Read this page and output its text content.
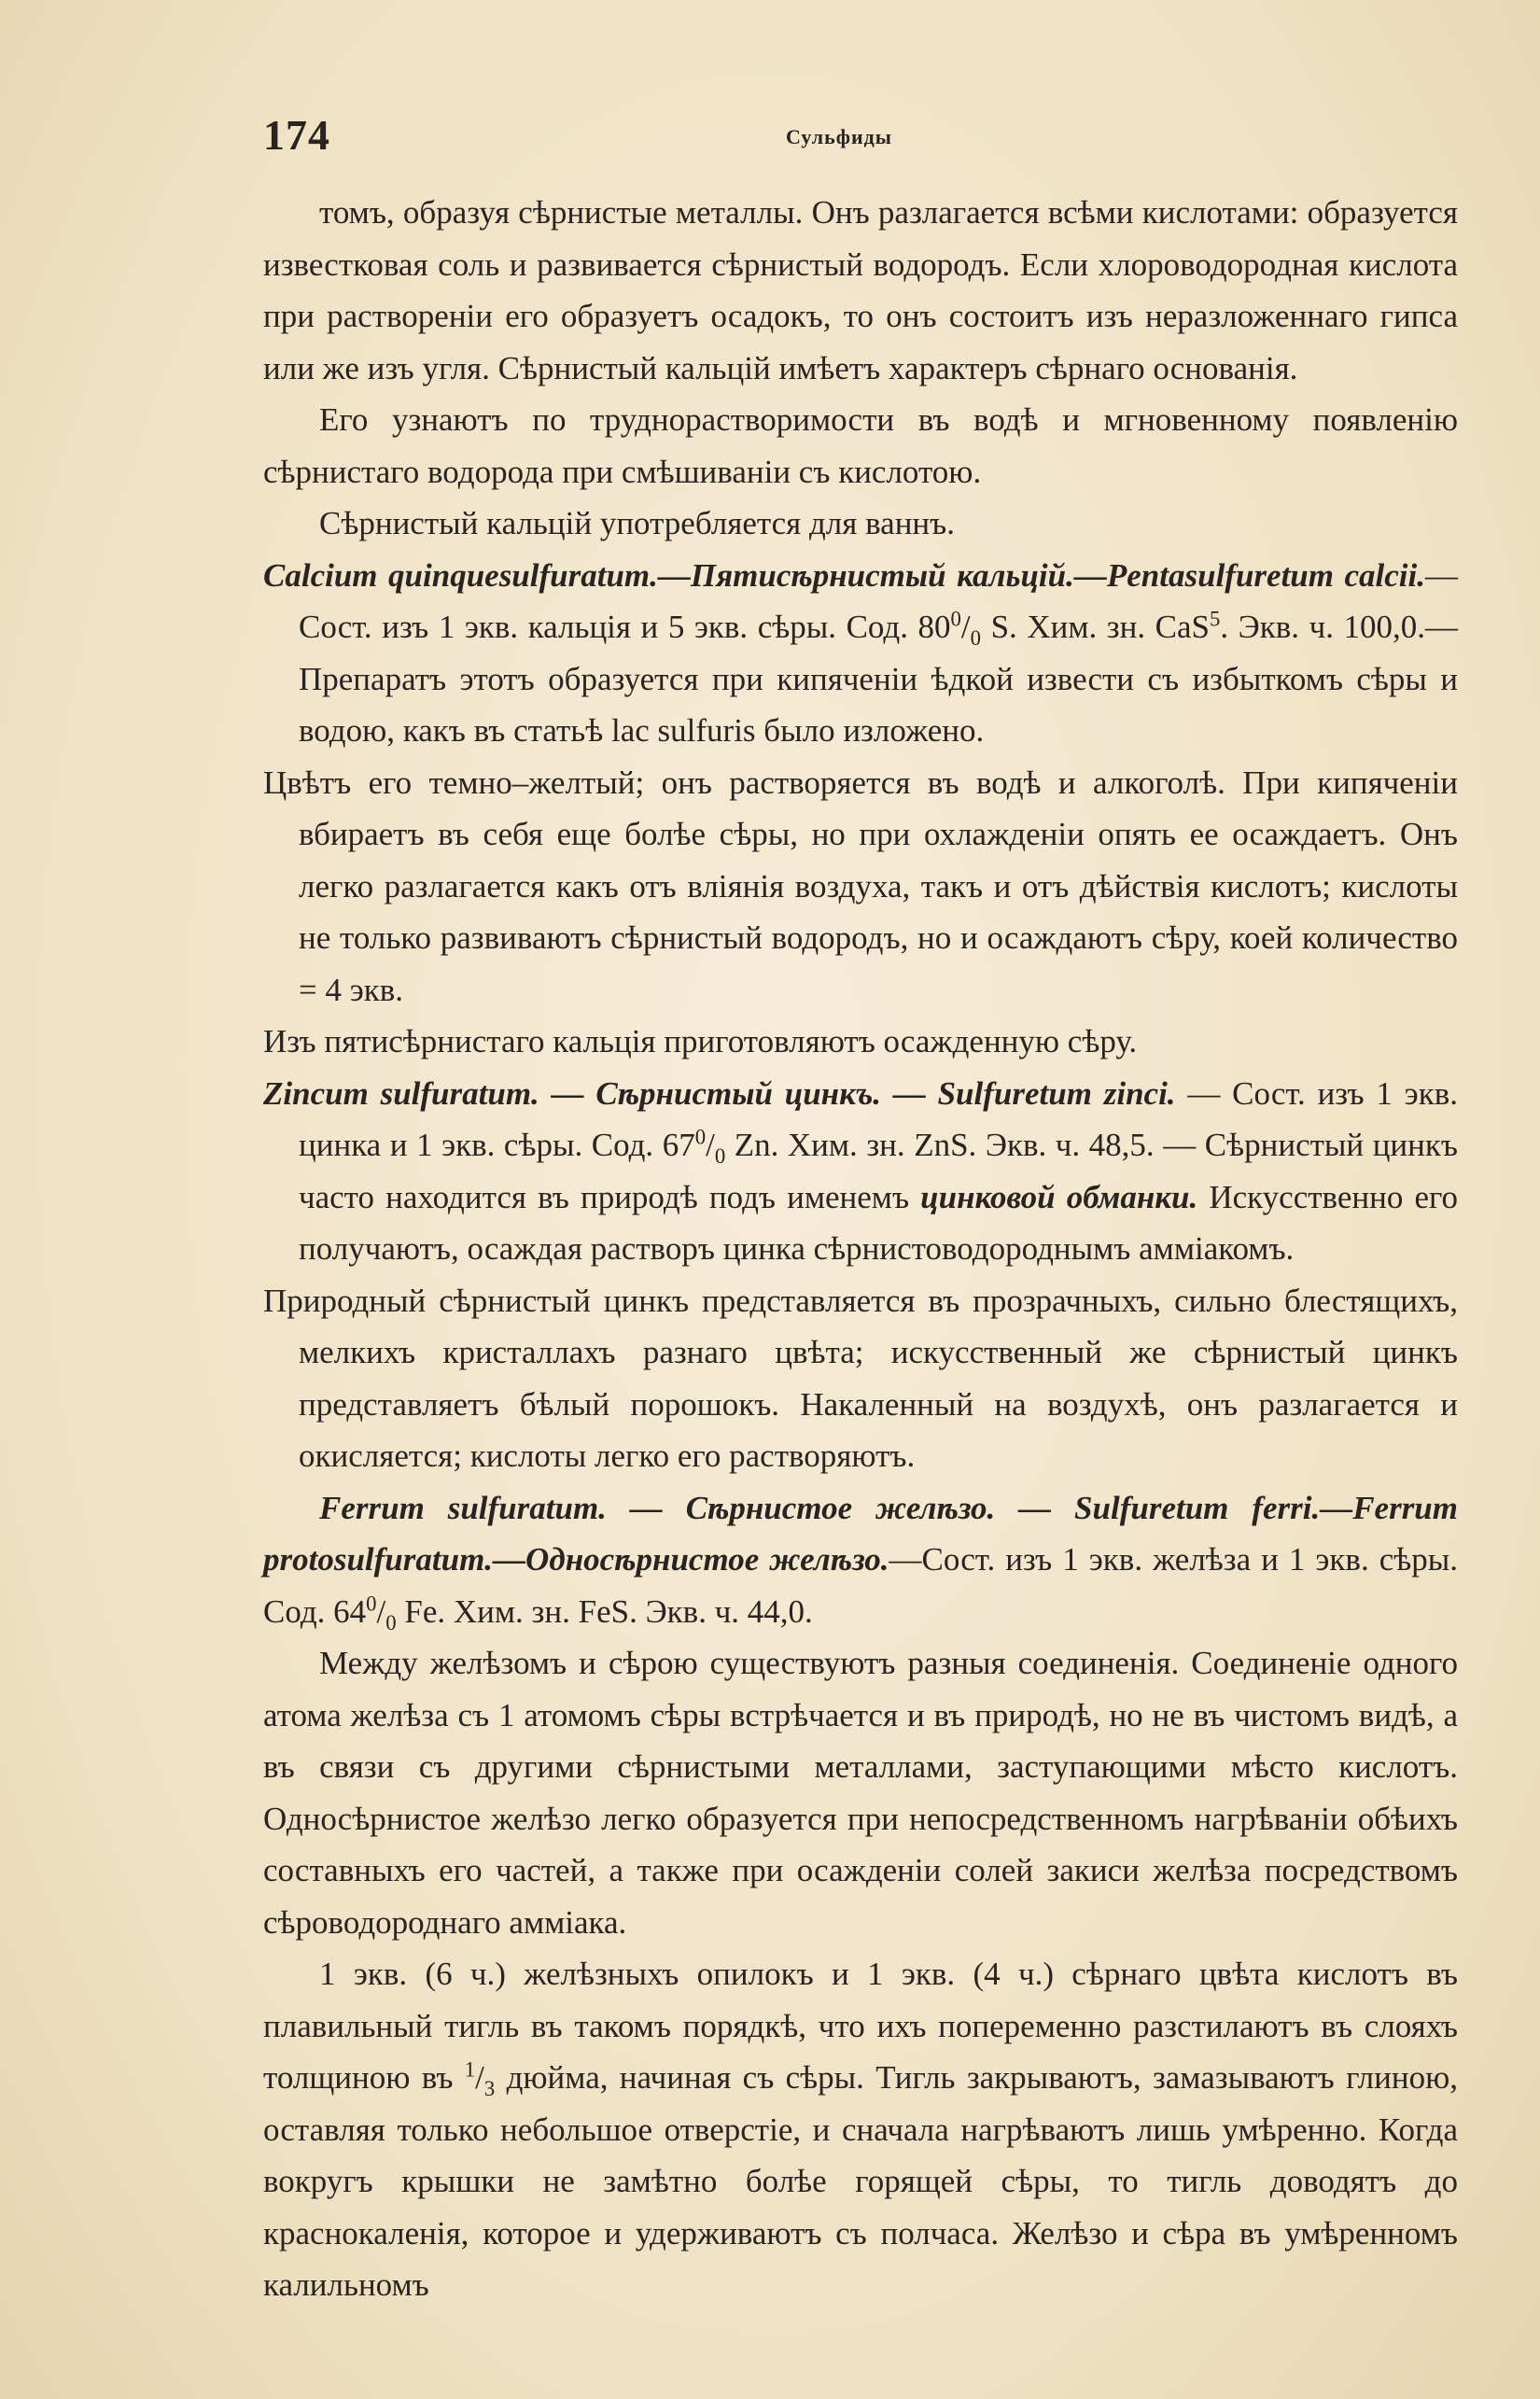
174	Сульфиды

томъ, образуя сѣрнистые металлы. Онъ разлагается всѣми кислотами: образуется известковая соль и развивается сѣрнистый водородъ. Если хлороводородная кислота при растворенiи его образуетъ осадокъ, то онъ состоитъ изъ неразложеннаго гипса или же изъ угля. Сѣрнистый кальцiй имѣетъ характеръ сѣрнаго основанiя.

Его узнаютъ по труднорастворимости въ водѣ и мгновенному появленiю сѣрнистаго водорода при смѣшиванiи съ кислотою.

Сѣрнистый кальцiй употребляется для ваннъ.

Calcium quinquesulfuratum.—Пятисѣрнистый кальцiй.—Pentasulfuretum calcii.—Сост. изъ 1 экв. кальцiя и 5 экв. сѣры. Сод. $80^0/_0$ S. Хим. зн. CaS$^5$. Экв. ч. 100,0.—Препаратъ этотъ образуется при кипяченiи ѣдкой извести съ избыткомъ сѣры и водою, какъ въ статьѣ lac sulfuris было изложено.

Цвѣтъ его темно–желтый; онъ растворяется въ водѣ и алкоголѣ. При кипяченiи вбираетъ въ себя еще болѣе сѣры, но при охлажденiи опять ее осаждаетъ. Онъ легко разлагается какъ отъ влiянiя воздуха, такъ и отъ дѣйствiя кислотъ; кислоты не только развиваютъ сѣрнистый водородъ, но и осаждаютъ сѣру, коей количество = 4 экв.

Изъ пятисѣрнистаго кальцiя приготовляютъ осажденную сѣру.

Zincum sulfuratum. — Сѣрнистый цинкъ. — Sulfuretum zinci. — Сост. изъ 1 экв. цинка и 1 экв. сѣры. Сод. $67^0/_0$ Zn. Хим. зн. ZnS. Экв. ч. 48,5. — Сѣрнистый цинкъ часто находится въ природѣ подъ именемъ цинковой обманки. Искусственно его получаютъ, осаждая растворъ цинка сѣрнистоводороднымъ амміакомъ.

Природный сѣрнистый цинкъ представляется въ прозрачныхъ, сильно блестящихъ, мелкихъ кристаллахъ разнаго цвѣта; искусственный же сѣрнистый цинкъ представляетъ бѣлый порошокъ. Накаленный на воздухѣ, онъ разлагается и окисляется; кислоты легко его растворяютъ.

Ferrum sulfuratum. — Сѣрнистое желѣзо. — Sulfuretum ferri.—Ferrum protosulfuratum.—Односѣрнистое желѣзо.—Сост. изъ 1 экв. желѣза и 1 экв. сѣры. Сод. $64^0/_0$ Fe. Хим. зн. FeS. Экв. ч. 44,0.

Между желѣзомъ и сѣрою существуютъ разныя соединенiя. Соединенiе одного атома желѣза съ 1 атомомъ сѣры встрѣчается и въ природѣ, но не въ чистомъ видѣ, а въ связи съ другими сѣрнистыми металлами, заступающими мѣсто кислотъ. Односѣрнистое желѣзо легко образуется при непосредственномъ нагрѣванiи обѣихъ составныхъ его частей, а также при осажденiи солей закиси желѣза посредствомъ сѣроводороднаго амміака.

1 экв. (6 ч.) желѣзныхъ опилокъ и 1 экв. (4 ч.) сѣрнаго цвѣта кислотъ въ плавильный тигль въ такомъ порядкѣ, что ихъ попеременно разстилаютъ въ слояхъ толщиною въ $^1/_3$ дюйма, начиная съ сѣры. Тигль закрываютъ, замазываютъ глиною, оставляя только небольшое отверстiе, и сначала нагрѣваютъ лишь умѣренно. Когда вокругъ крышки не замѣтно болѣе горящей сѣры, то тигль доводятъ до краснокаленiя, которое и удерживаютъ съ полчаса. Желѣзо и сѣра въ умѣренномъ калильномъ
